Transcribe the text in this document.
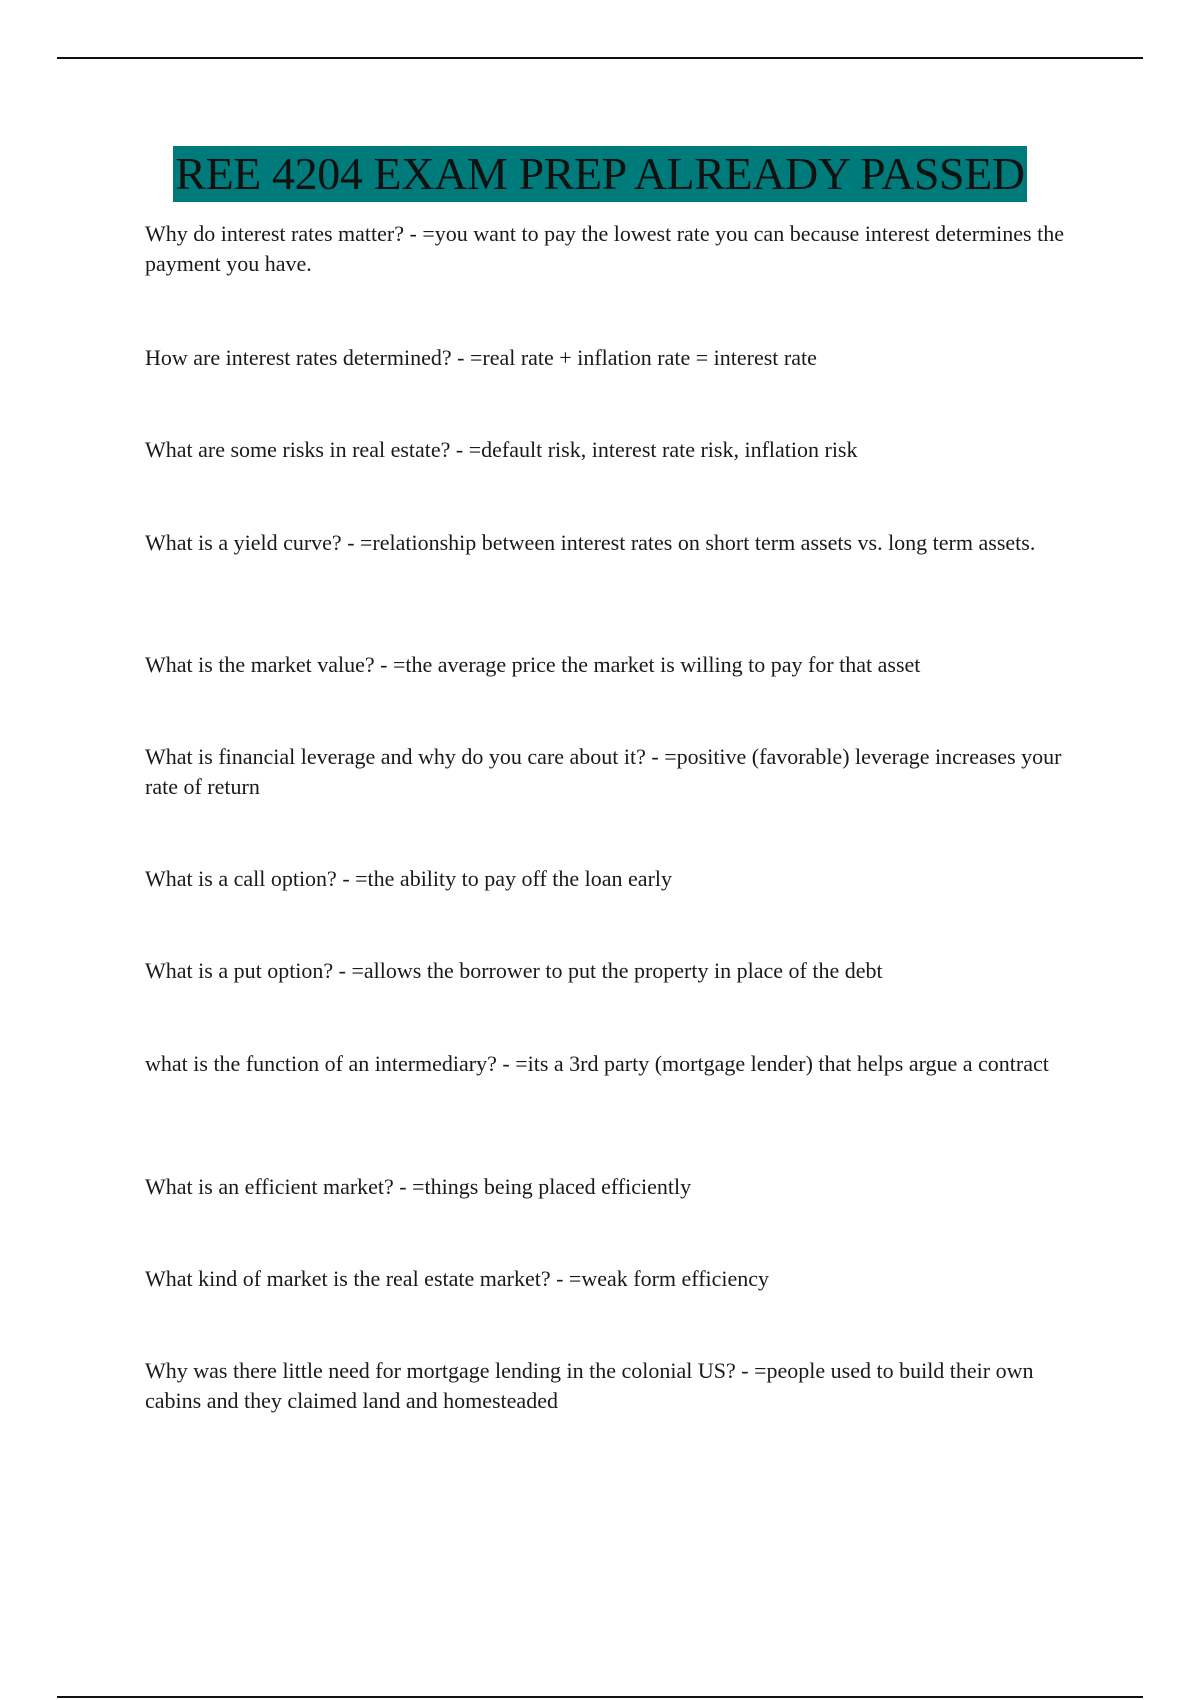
REE 4204 EXAM PREP ALREADY PASSED

Why do interest rates matter? - =you want to pay the lowest rate you can because interest determines the payment you have.

How are interest rates determined? - =real rate + inflation rate = interest rate

What are some risks in real estate? - =default risk, interest rate risk, inflation risk

What is a yield curve? - =relationship between interest rates on short term assets vs. long term assets.

What is the market value? - =the average price the market is willing to pay for that asset

What is financial leverage and why do you care about it? - =positive (favorable) leverage increases your rate of return

What is a call option? - =the ability to pay off the loan early

What is a put option? - =allows the borrower to put the property in place of the debt

what is the function of an intermediary? - =its a 3rd party (mortgage lender) that helps argue a contract

What is an efficient market? - =things being placed efficiently

What kind of market is the real estate market? - =weak form efficiency

Why was there little need for mortgage lending in the colonial US? - =people used to build their own cabins and they claimed land and homesteaded
